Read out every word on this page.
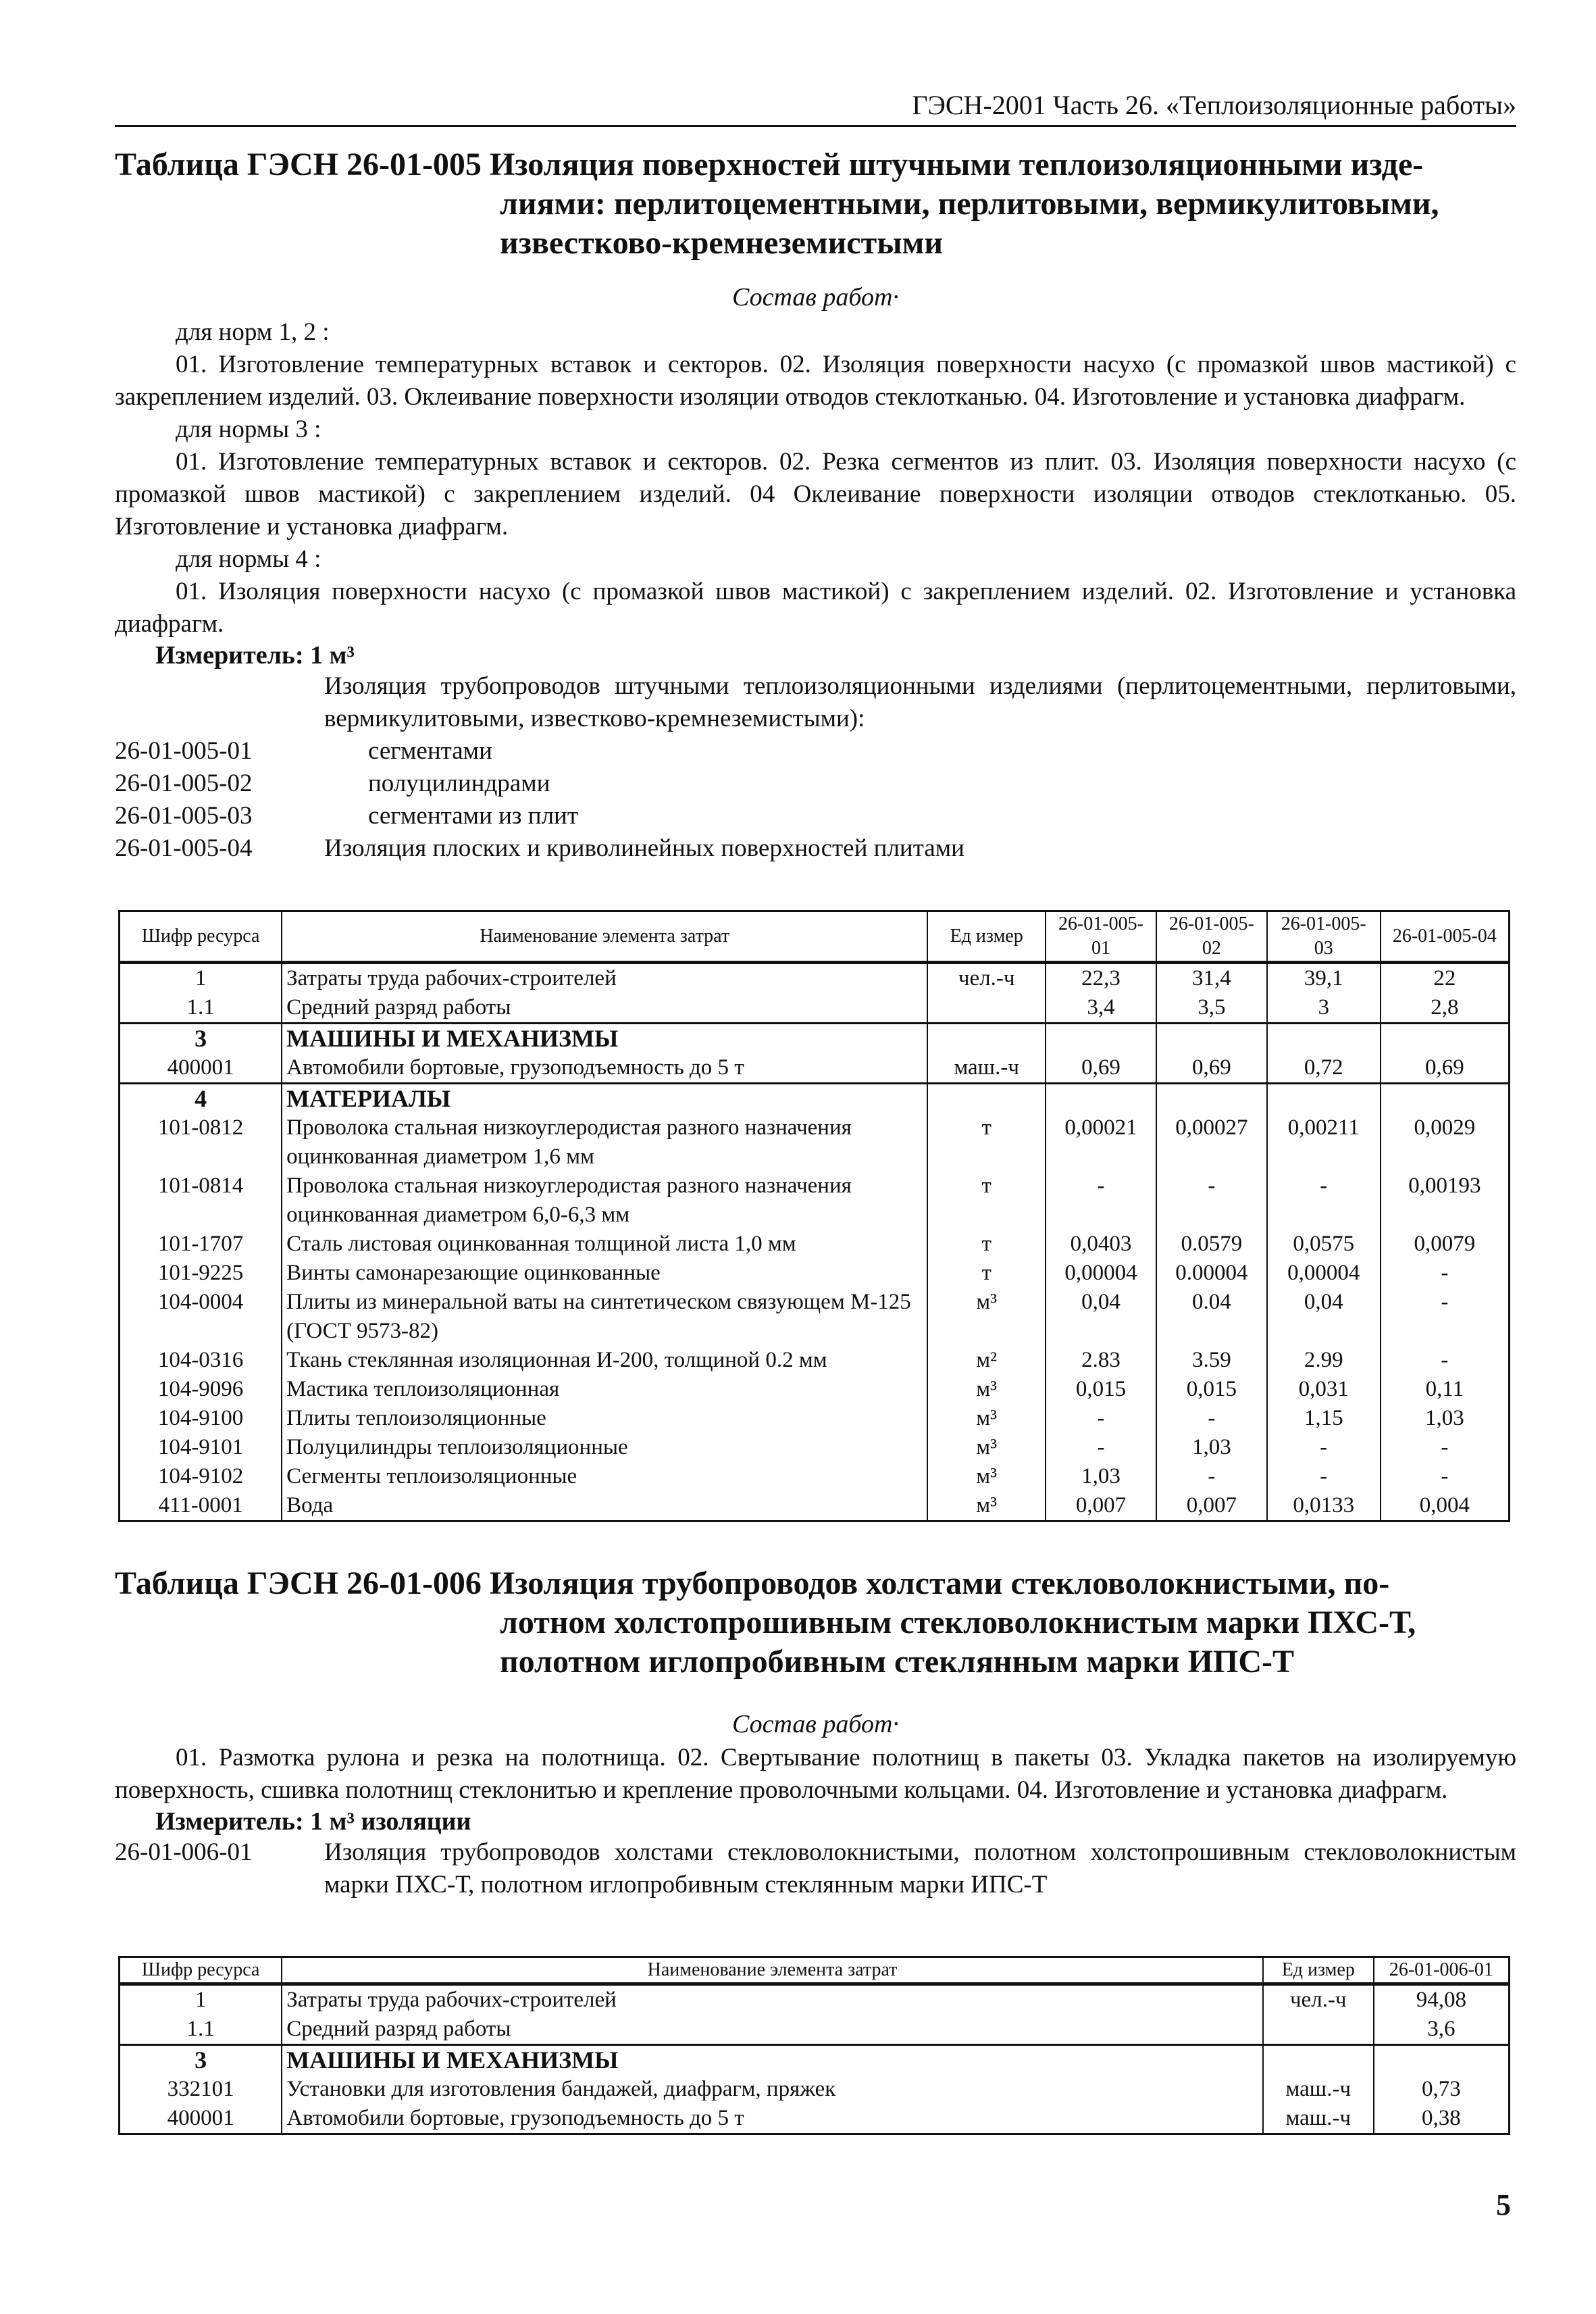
ГЭСН-2001 Часть 26. «Теплоизоляционные работы»
Таблица ГЭСН 26-01-005 Изоляция поверхностей штучными теплоизоляционными изде-
лиями: перлитоцементными, перлитовыми, вермикулитовыми,
известково-кремнеземистыми
Состав работ·
для норм 1, 2 :
01. Изготовление температурных вставок и секторов. 02. Изоляция поверхности насухо (с промазкой швов мастикой) с закреплением изделий. 03. Оклеивание поверхности изоляции отводов стеклотканью. 04. Изготовление и установка диафрагм.
для нормы 3 :
01. Изготовление температурных вставок и секторов. 02. Резка сегментов из плит. 03. Изоляция поверхности насухо (с промазкой швов мастикой) с закреплением изделий. 04 Оклеивание поверхности изоляции отводов стеклотканью. 05. Изготовление и установка диафрагм.
для нормы 4 :
01. Изоляция поверхности насухо (с промазкой швов мастикой) с закреплением изделий. 02. Изготовление и установка диафрагм.
Измеритель: 1 м³
Изоляция трубопроводов штучными теплоизоляционными изделиями (перлитоцементными, перлитовыми, вермикулитовыми, известково-кремнеземистыми):
26-01-005-01	сегментами
26-01-005-02	полуцилиндрами
26-01-005-03	сегментами из плит
26-01-005-04	Изоляция плоских и криволинейных поверхностей плитами
Шифр ресурса	Наименование элемента затрат	Ед измер	26-01-005-01	26-01-005-02	26-01-005-03	26-01-005-04
1	Затраты труда рабочих-строителей	чел.-ч	22,3	31,4	39,1	22
1.1	Средний разряд работы		3,4	3,5	3	2,8
3	МАШИНЫ И МЕХАНИЗМЫ					
400001	Автомобили бортовые, грузоподъемность до 5 т	маш.-ч	0,69	0,69	0,72	0,69
4	МАТЕРИАЛЫ					
101-0812	Проволока стальная низкоуглеродистая разного назначения оцинкованная диаметром 1,6 мм	т	0,00021	0,00027	0,00211	0,0029
101-0814	Проволока стальная низкоуглеродистая разного назначения оцинкованная диаметром 6,0-6,3 мм	т	-	-	-	0,00193
101-1707	Сталь листовая оцинкованная толщиной листа 1,0 мм	т	0,0403	0.0579	0,0575	0,0079
101-9225	Винты самонарезающие оцинкованные	т	0,00004	0.00004	0,00004	-
104-0004	Плиты из минеральной ваты на синтетическом связующем М-125 (ГОСТ 9573-82)	м³	0,04	0.04	0,04	-
104-0316	Ткань стеклянная изоляционная И-200, толщиной 0.2 мм	м²	2.83	3.59	2.99	-
104-9096	Мастика теплоизоляционная	м³	0,015	0,015	0,031	0,11
104-9100	Плиты теплоизоляционные	м³	-	-	1,15	1,03
104-9101	Полуцилиндры теплоизоляционные	м³	-	1,03	-	-
104-9102	Сегменты теплоизоляционные	м³	1,03	-	-	-
411-0001	Вода	м³	0,007	0,007	0,0133	0,004
Таблица ГЭСН 26-01-006 Изоляция трубопроводов холстами стекловолокнистыми, по-
лотном холстопрошивным стекловолокнистым марки ПХС-Т,
полотном иглопробивным стеклянным марки ИПС-Т
Состав работ·
01. Размотка рулона и резка на полотнища. 02. Свертывание полотнищ в пакеты 03. Укладка пакетов на изолируемую поверхность, сшивка полотнищ стеклонитью и крепление проволочными кольцами. 04. Изготовление и установка диафрагм.
Измеритель: 1 м³ изоляции
26-01-006-01	Изоляция трубопроводов холстами стекловолокнистыми, полотном холстопрошивным стекловолокнистым марки ПХС-Т, полотном иглопробивным стеклянным марки ИПС-Т
Шифр ресурса	Наименование элемента затрат	Ед измер	26-01-006-01
1	Затраты труда рабочих-строителей	чел.-ч	94,08
1.1	Средний разряд работы		3,6
3	МАШИНЫ И МЕХАНИЗМЫ		
332101	Установки для изготовления бандажей, диафрагм, пряжек	маш.-ч	0,73
400001	Автомобили бортовые, грузоподъемность до 5 т	маш.-ч	0,38
5
